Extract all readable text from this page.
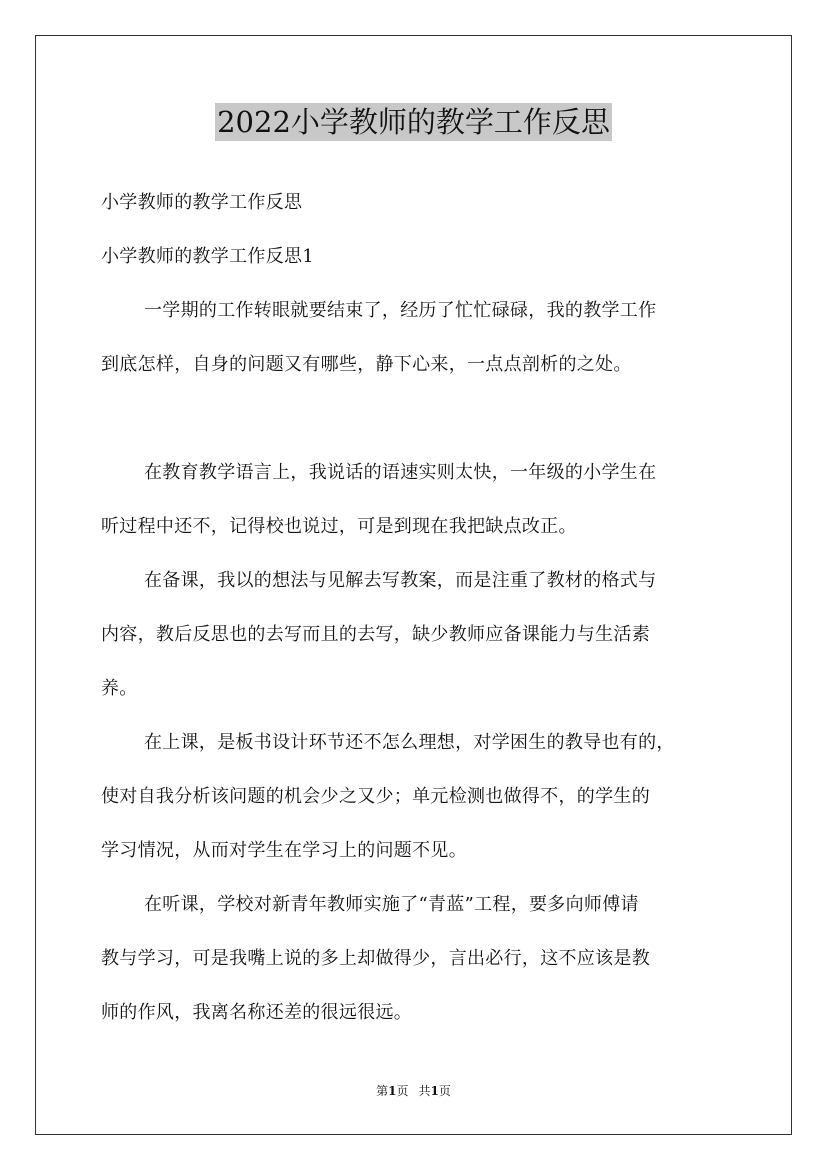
2022小学教师的教学工作反思
小学教师的教学工作反思
小学教师的教学工作反思1
一学期的工作转眼就要结束了，经历了忙忙碌碌，我的教学工作
到底怎样，自身的问题又有哪些，静下心来，一点点剖析的之处。
在教育教学语言上，我说话的语速实则太快，一年级的小学生在
听过程中还不，记得校也说过，可是到现在我把缺点改正。
在备课，我以的想法与见解去写教案，而是注重了教材的格式与
内容，教后反思也的去写而且的去写，缺少教师应备课能力与生活素
养。
在上课，是板书设计环节还不怎么理想，对学困生的教导也有的，
使对自我分析该问题的机会少之又少；单元检测也做得不，的学生的
学习情况，从而对学生在学习上的问题不见。
在听课，学校对新青年教师实施了“青蓝”工程，要多向师傅请
教与学习，可是我嘴上说的多上却做得少，言出必行，这不应该是教
师的作风，我离名称还差的很远很远。
第1页 共1页
